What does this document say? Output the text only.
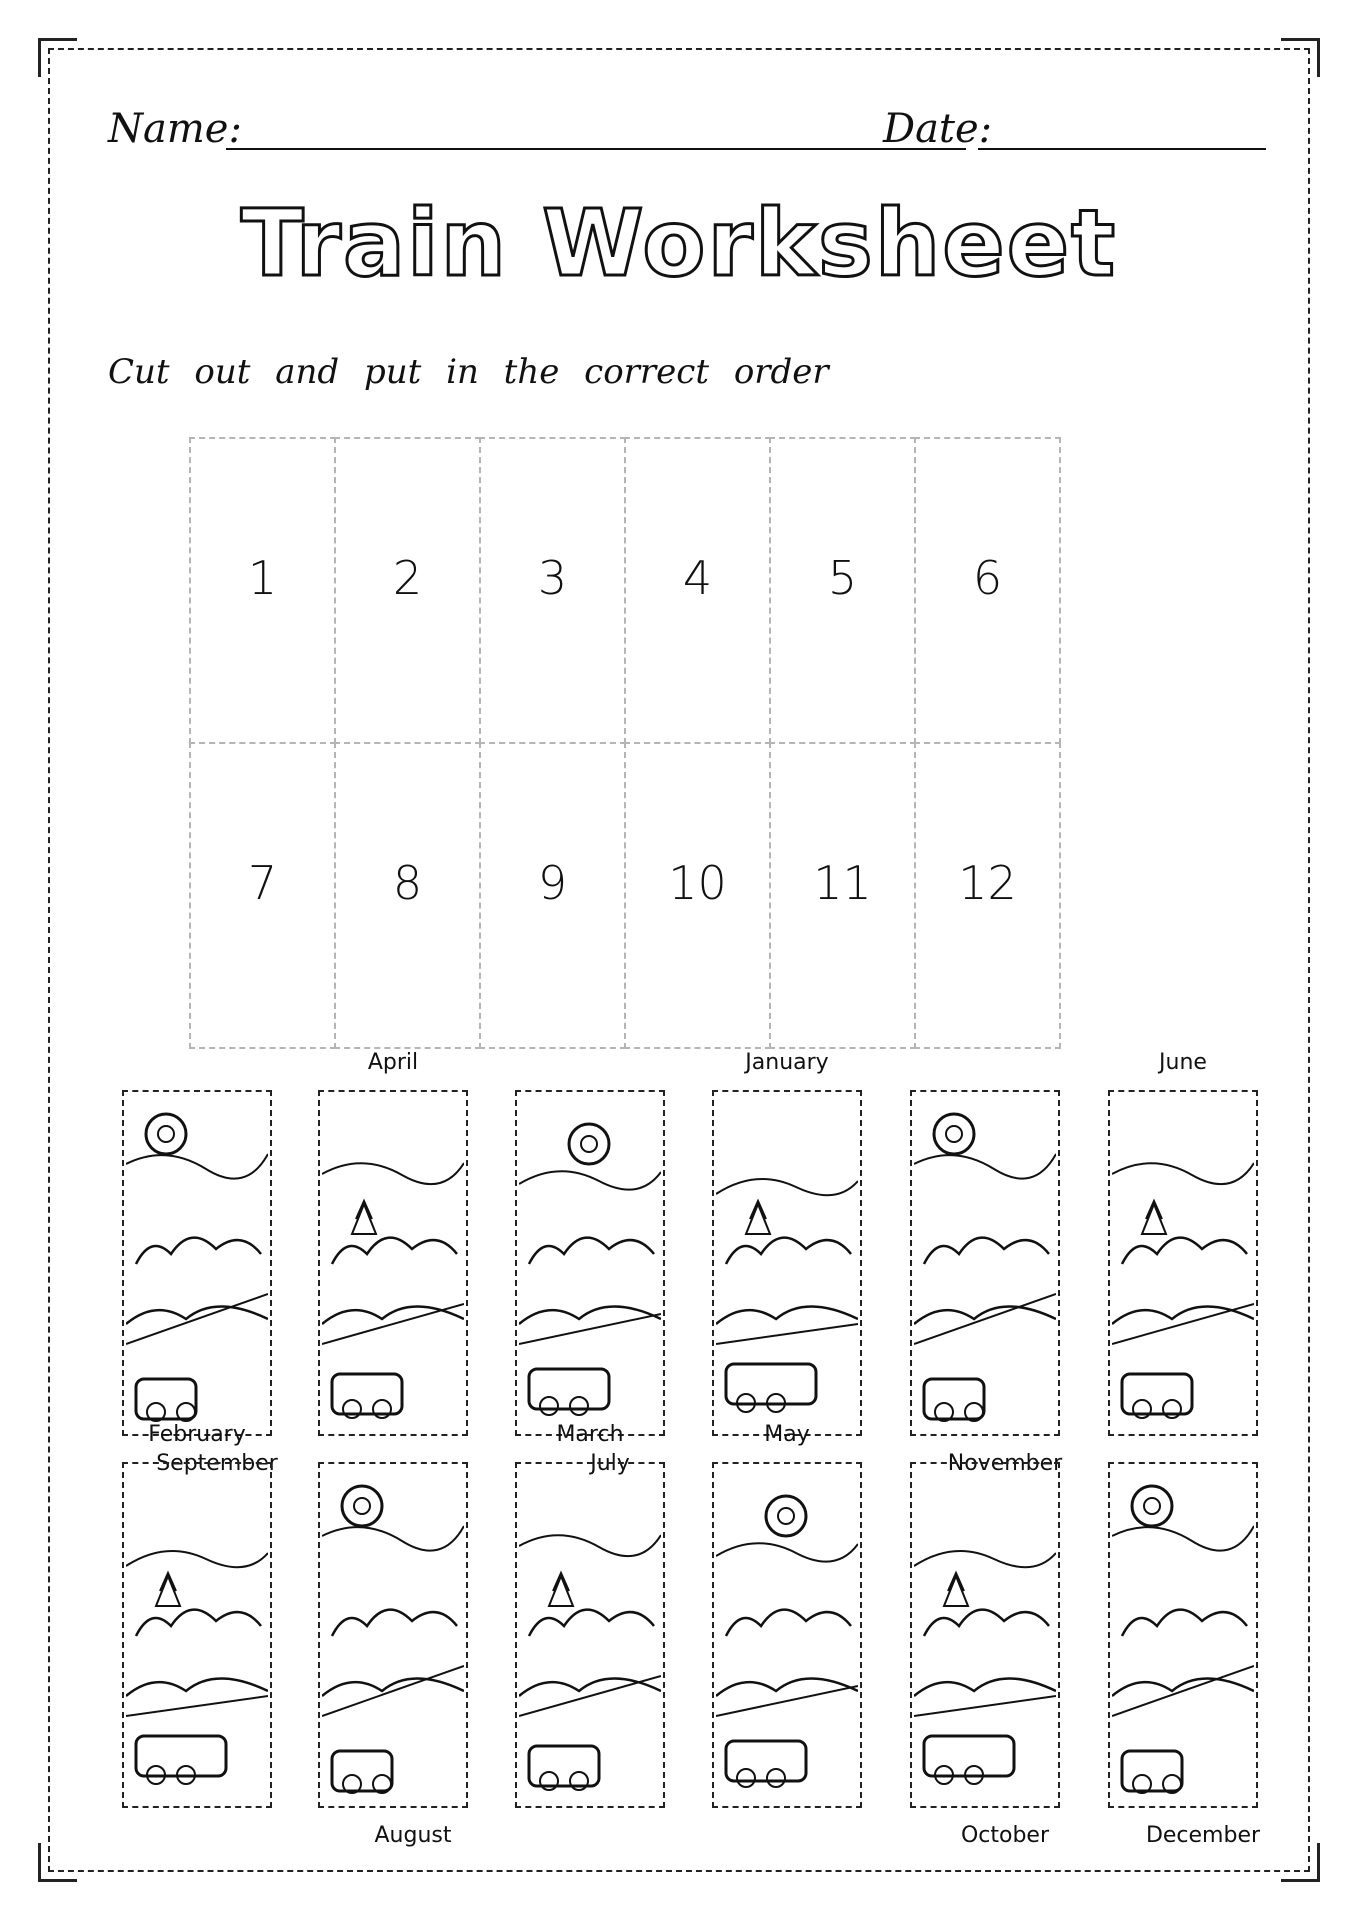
Name:	Date:
Train Worksheet
Cut out and put in the correct order
1	2	3	4	5	6
7	8	9	10	11	12
September
April
July
January
November
June
February
August
March	May
October	December
